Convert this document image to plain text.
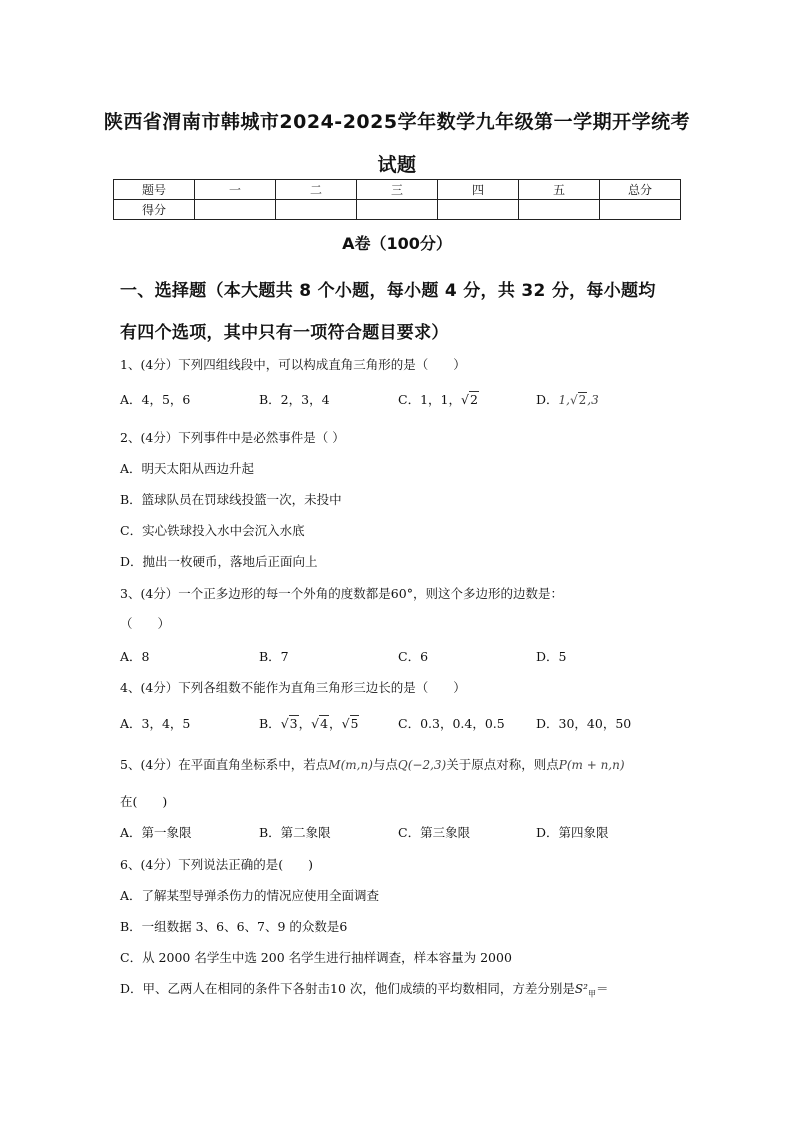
陕西省渭南市韩城市2024-2025学年数学九年级第一学期开学统考
试题
题号	一	二	三	四	五	总分
得分						
A卷（100分）
一、选择题（本大题共 8 个小题，每小题 4 分，共 32 分，每小题均
有四个选项，其中只有一项符合题目要求）
1、(4分）下列四组线段中，可以构成直角三角形的是（　　）
A．4，5，6	B．2，3，4	C．1，1，√2	D．1,√2,3
2、(4分）下列事件中是必然事件是（ ）
A．明天太阳从西边升起
B．篮球队员在罚球线投篮一次，未投中
C．实心铁球投入水中会沉入水底
D．抛出一枚硬币，落地后正面向上
3、(4分）一个正多边形的每一个外角的度数都是60°，则这个多边形的边数是：
（　　）
A．8	B．7	C．6	D．5
4、(4分）下列各组数不能作为直角三角形三边长的是（　　）
A．3，4，5	B．√3，√4，√5	C．0.3，0.4，0.5	D．30，40，50
5、(4分）在平面直角坐标系中，若点M(m,n)与点Q(−2,3)关于原点对称，则点P(m + n,n)
在(　　)
A．第一象限	B．第二象限	C．第三象限	D．第四象限
6、(4分）下列说法正确的是(　　)
A．了解某型导弹杀伤力的情况应使用全面调查
B．一组数据 3、6、6、7、9 的众数是6
C．从 2000 名学生中选 200 名学生进行抽样调查，样本容量为 2000
D．甲、乙两人在相同的条件下各射击10 次，他们成绩的平均数相同，方差分别是$S^2_甲=$
